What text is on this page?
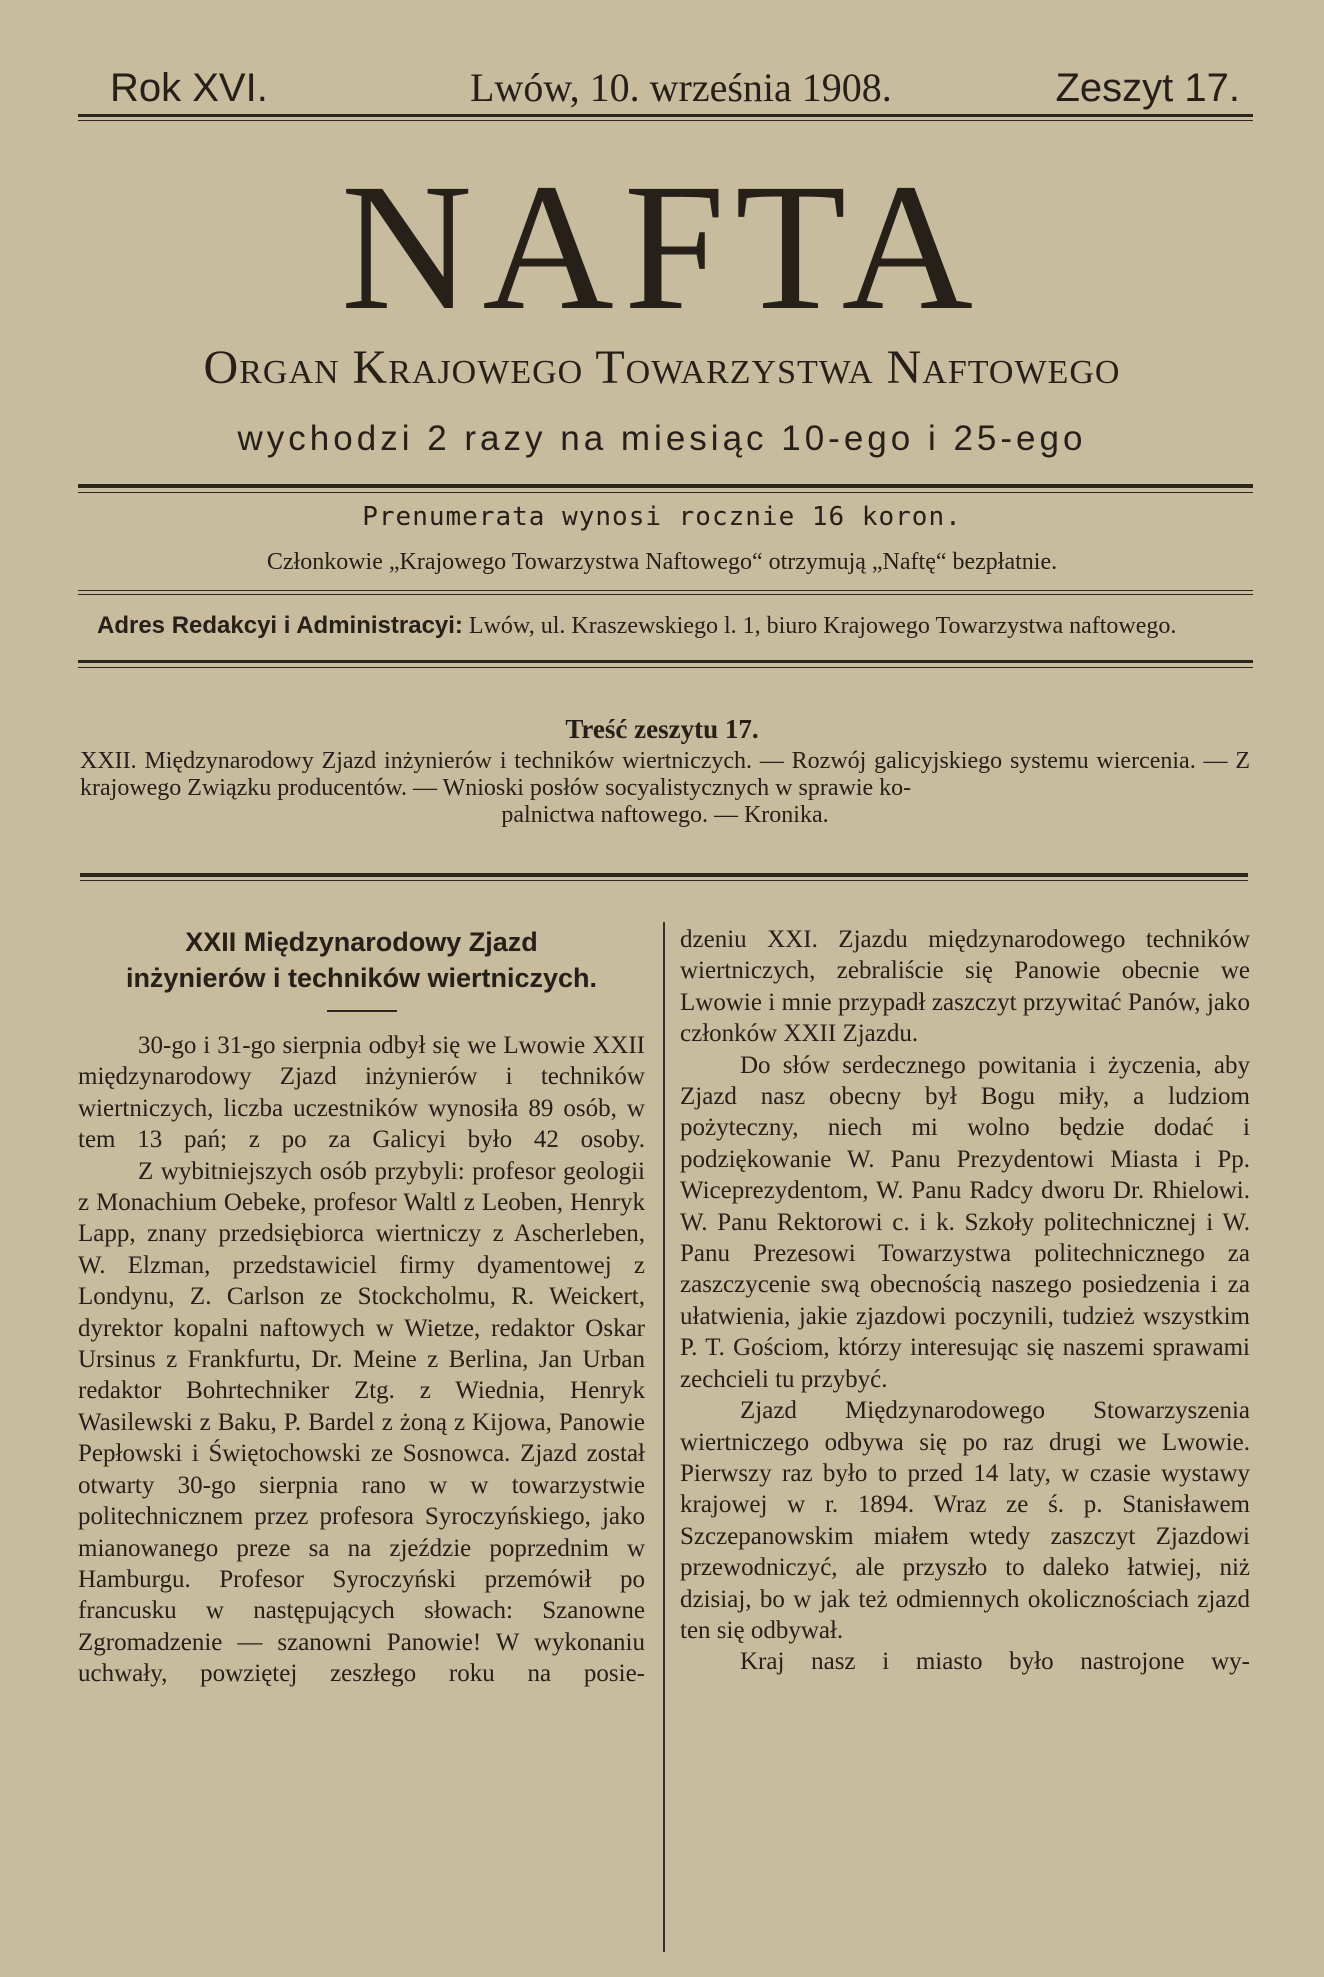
Rok XVI.	Lwów, 10. września 1908.	Zeszyt 17.
NAFTA
Organ Krajowego Towarzystwa Naftowego
wychodzi 2 razy na miesiąc 10-ego i 25-ego
Prenumerata wynosi rocznie 16 koron.
Członkowie „Krajowego Towarzystwa Naftowego“ otrzymują „Naftę“ bezpłatnie.
Adres Redakcyi i Administracyi: Lwów, ul. Kraszewskiego l. 1, biuro Krajowego Towarzystwa naftowego.
Treść zeszytu 17.

XXII. Międzynarodowy Zjazd inżynierów i techników wiertniczych. — Rozwój galicyjskiego systemu wiercenia. — Z krajowego Związku producentów. — Wnioski posłów socyalistycznych w sprawie ko-

palnictwa naftowego. — Kronika.

XXII Międzynarodowy Zjazd
inżynierów i techników wiertniczych.

30-go i 31-go sierpnia odbył się we Lwowie XXII międzynarodowy Zjazd inżynierów i techników wiertniczych, liczba uczestników wynosiła 89 osób, w tem 13 pań; z po za Galicyi było 42 osoby.

Z wybitniejszych osób przybyli: profesor geologii z Monachium Oebeke, profesor Waltl z Leoben, Henryk Lapp, znany przedsiębiorca wiertniczy z Ascherleben, W. Elzman, przedstawiciel firmy dyamentowej z Londynu, Z. Carlson ze Stockcholmu, R. Weickert, dyrektor kopalni naftowych w Wietze, redaktor Oskar Ursinus z Frankfurtu, Dr. Meine z Berlina, Jan Urban redaktor Bohrtechniker Ztg. z Wiednia, Henryk Wasilewski z Baku, P. Bardel z żoną z Kijowa, Panowie Pepłowski i Świętochowski ze Sosnowca. Zjazd został otwarty 30-go sierpnia rano w w towarzystwie politechnicznem przez profesora Syroczyńskiego, jako mianowanego preze sa na zjeździe poprzednim w Hamburgu. Profesor Syroczyński przemówił po francusku w następujących słowach: Szanowne Zgromadzenie — szanowni Panowie! W wykonaniu uchwały, powziętej zeszłego roku na posie-

dzeniu XXI. Zjazdu międzynarodowego techników wiertniczych, zebraliście się Panowie obecnie we Lwowie i mnie przypadł zaszczyt przywitać Panów, jako członków XXII Zjazdu.

Do słów serdecznego powitania i życzenia, aby Zjazd nasz obecny był Bogu miły, a ludziom pożyteczny, niech mi wolno będzie dodać i podziękowanie W. Panu Prezydentowi Miasta i Pp. Wiceprezydentom, W. Panu Radcy dworu Dr. Rhielowi. W. Panu Rektorowi c. i k. Szkoły politechnicznej i W. Panu Prezesowi Towarzystwa politechnicznego za zaszczycenie swą obecnością naszego posiedzenia i za ułatwienia, jakie zjazdowi poczynili, tudzież wszystkim P. T. Gościom, którzy interesując się naszemi sprawami zechcieli tu przybyć.

Zjazd Międzynarodowego Stowarzyszenia wiertniczego odbywa się po raz drugi we Lwowie. Pierwszy raz było to przed 14 laty, w czasie wystawy krajowej w r. 1894. Wraz ze ś. p. Stanisławem Szczepanowskim miałem wtedy zaszczyt Zjazdowi przewodniczyć, ale przyszło to daleko łatwiej, niż dzisiaj, bo w jak też odmiennych okolicznościach zjazd ten się odbywał.

Kraj nasz i miasto było nastrojone wy-
